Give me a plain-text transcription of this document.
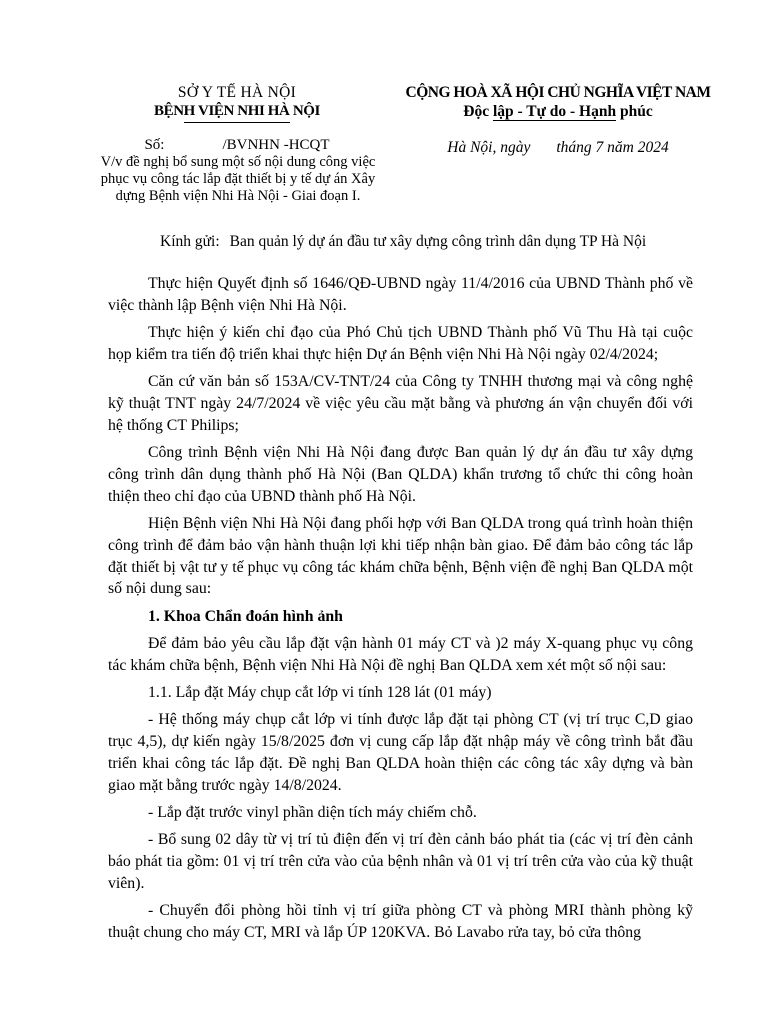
SỞ Y TẾ HÀ NỘI
BỆNH VIỆN NHI HÀ NỘI
CỘNG HOÀ XÃ HỘI CHỦ NGHĨA VIỆT NAM
Độc lập - Tự do - Hạnh phúc
Số:	/BVNHN -HCQT
V/v đề nghị bổ sung một số nội dung công việc phục vụ công tác lắp đặt thiết bị y tế dự án Xây dựng Bệnh viện Nhi Hà Nội - Giai đoạn I.
Hà Nội, ngày tháng 7 năm 2024
Kính gửi: Ban quản lý dự án đầu tư xây dựng công trình dân dụng TP Hà Nội

Thực hiện Quyết định số 1646/QĐ-UBND ngày 11/4/2016 của UBND Thành phố về việc thành lập Bệnh viện Nhi Hà Nội.

Thực hiện ý kiến chỉ đạo của Phó Chủ tịch UBND Thành phố Vũ Thu Hà tại cuộc họp kiểm tra tiến độ triển khai thực hiện Dự án Bệnh viện Nhi Hà Nội ngày 02/4/2024;

Căn cứ văn bản số 153A/CV-TNT/24 của Công ty TNHH thương mại và công nghệ kỹ thuật TNT ngày 24/7/2024 về việc yêu cầu mặt bằng và phương án vận chuyển đối với hệ thống CT Philips;

Công trình Bệnh viện Nhi Hà Nội đang được Ban quản lý dự án đầu tư xây dựng công trình dân dụng thành phố Hà Nội (Ban QLDA) khẩn trương tổ chức thi công hoàn thiện theo chỉ đạo của UBND thành phố Hà Nội.

Hiện Bệnh viện Nhi Hà Nội đang phối hợp với Ban QLDA trong quá trình hoàn thiện công trình để đảm bảo vận hành thuận lợi khi tiếp nhận bàn giao. Để đảm bảo công tác lắp đặt thiết bị vật tư y tế phục vụ công tác khám chữa bệnh, Bệnh viện đề nghị Ban QLDA một số nội dung sau:

1. Khoa Chẩn đoán hình ảnh

Để đảm bảo yêu cầu lắp đặt vận hành 01 máy CT và )2 máy X-quang phục vụ công tác khám chữa bệnh, Bệnh viện Nhi Hà Nội đề nghị Ban QLDA xem xét một số nội sau:

1.1. Lắp đặt Máy chụp cắt lớp vi tính 128 lát (01 máy)

- Hệ thống máy chụp cắt lớp vi tính được lắp đặt tại phòng CT (vị trí trục C,D giao trục 4,5), dự kiến ngày 15/8/2025 đơn vị cung cấp lắp đặt nhập máy về công trình bắt đầu triển khai công tác lắp đặt. Đề nghị Ban QLDA hoàn thiện các công tác xây dựng và bàn giao mặt bằng trước ngày 14/8/2024.

- Lắp đặt trước vinyl phần diện tích máy chiếm chỗ.

- Bổ sung 02 dây từ vị trí tủ điện đến vị trí đèn cảnh báo phát tia (các vị trí đèn cảnh báo phát tia gồm: 01 vị trí trên cửa vào của bệnh nhân và 01 vị trí trên cửa vào của kỹ thuật viên).

- Chuyển đổi phòng hồi tỉnh vị trí giữa phòng CT và phòng MRI thành phòng kỹ thuật chung cho máy CT, MRI và lắp ÚP 120KVA. Bỏ Lavabo rửa tay, bỏ cửa thông
